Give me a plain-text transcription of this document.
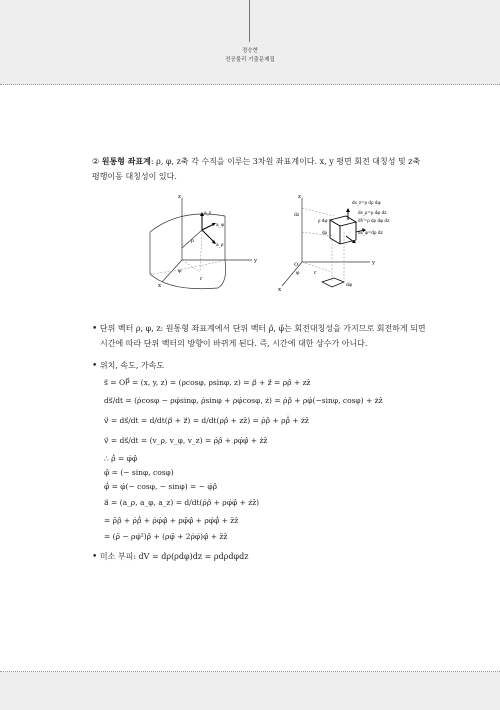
정승현
전공물리 기출문제집
② 원통형 좌표계: ρ, φ, z축 각 수직을 이루는 3차원 좌표계이다. x, y 평면 회전 대칭성 및 z축
평행이동 대칭성이 있다.
z
y
x
a_z
a_φ
a_ρ
ρ
φ
r
z
dz
ds_z=ρ dρ dφ
ds_ρ=ρ dφ dz
dV=ρ dρ dφ dz
ds_φ=dρ dz
ρ dφ
dρ
y
x
φ	r
dφ
O
• 단위 벡터 ρ, φ, z: 원통형 좌표계에서 단위 벡터 ρ̂, φ̂는 회전대칭성을 가지므로 회전하게 되면
시간에 따라 단위 벡터의 방향이 바뀌게 된다. 즉, 시간에 대한 상수가 아니다.
• 위치, 속도, 가속도
s⃗ = OP⃗ = (x, y, z) = (ρcosφ, ρsinφ, z) = ρ⃗ + z⃗ = ρρ̂ + zẑ
ds⃗/dt = (ρ̇cosφ − ρφ̇sinφ, ρ̇sinφ + ρφ̇cosφ, ż) = ρ̇ρ̂ + ρφ̇(−sinφ, cosφ) + żẑ
v⃗ = ds⃗/dt = d/dt(ρ⃗ + z⃗) = d/dt(ρρ̂ + zẑ) = ρ̇ρ̂ + ρρ̂̇ + żẑ
v⃗ = ds⃗/dt = (v_ρ, v_φ, v_z) = ρ̇ρ̂ + ρφ̇φ̂ + żẑ
∴ ρ̂̇ = φ̇φ̂
φ̂ = (− sinφ, cosφ)
φ̂̇ = φ̇(− cosφ, − sinφ) = − φ̇ρ̂
a⃗ = (a_ρ, a_φ, a_z) = d/dt(ρ̇ρ̂ + ρφ̇φ̂ + żẑ)
= ρ̈ρ̂ + ρ̇ρ̂̇ + ρ̇φ̇φ̂ + ρφ̈φ̂ + ρφ̇φ̂̇ + z̈ẑ
= (ρ̈ − ρφ̇²)ρ̂ + (ρφ̈ + 2ρ̇φ̇)φ̂ + z̈ẑ
• 미소 부피: dV = dρ(ρdφ)dz = ρdρdφdz
